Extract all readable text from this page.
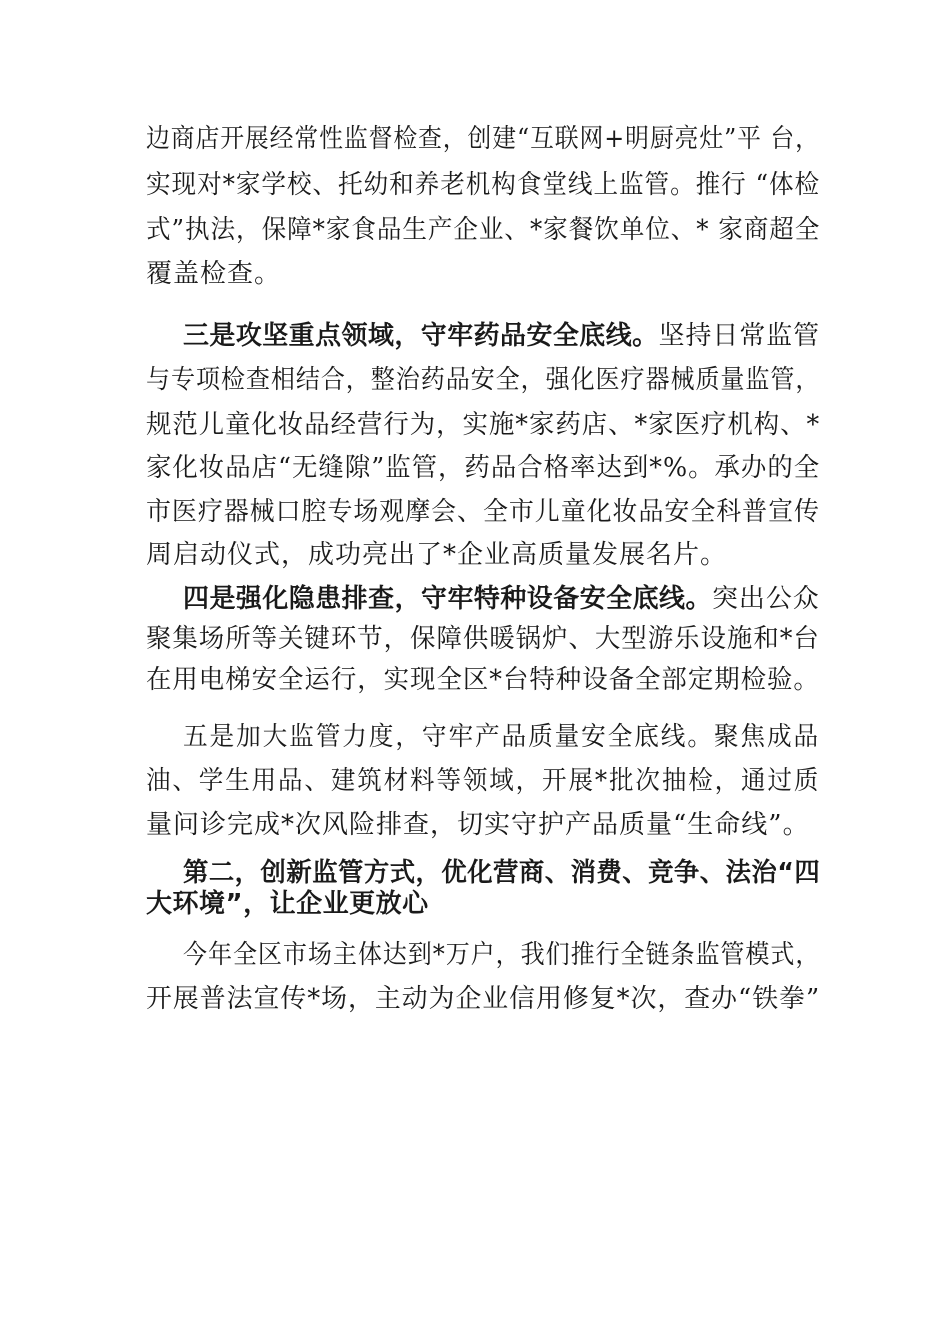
边商店开展经常性监督检查，创建“互联网+明厨亮灶”平 台，
实现对*家学校、托幼和养老机构食堂线上监管。推行 “体检
式”执法，保障*家食品生产企业、*家餐饮单位、* 家商超全
覆盖检查。
三是攻坚重点领域，守牢药品安全底线。坚持日常监管
与专项检查相结合，整治药品安全，强化医疗器械质量监管，
规范儿童化妆品经营行为，实施*家药店、*家医疗机构、*
家化妆品店“无缝隙”监管，药品合格率达到*%。承办的全
市医疗器械口腔专场观摩会、全市儿童化妆品安全科普宣传
周启动仪式，成功亮出了*企业高质量发展名片。
四是强化隐患排查，守牢特种设备安全底线。突出公众
聚集场所等关键环节，保障供暖锅炉、大型游乐设施和*台
在用电梯安全运行，实现全区*台特种设备全部定期检验。
五是加大监管力度，守牢产品质量安全底线。聚焦成品
油、学生用品、建筑材料等领域，开展*批次抽检，通过质
量问诊完成*次风险排查，切实守护产品质量“生命线”。
第二，创新监管方式，优化营商、消费、竞争、法治“四
大环境”，让企业更放心
今年全区市场主体达到*万户，我们推行全链条监管模式，
开展普法宣传*场，主动为企业信用修复*次，查办“铁拳”
